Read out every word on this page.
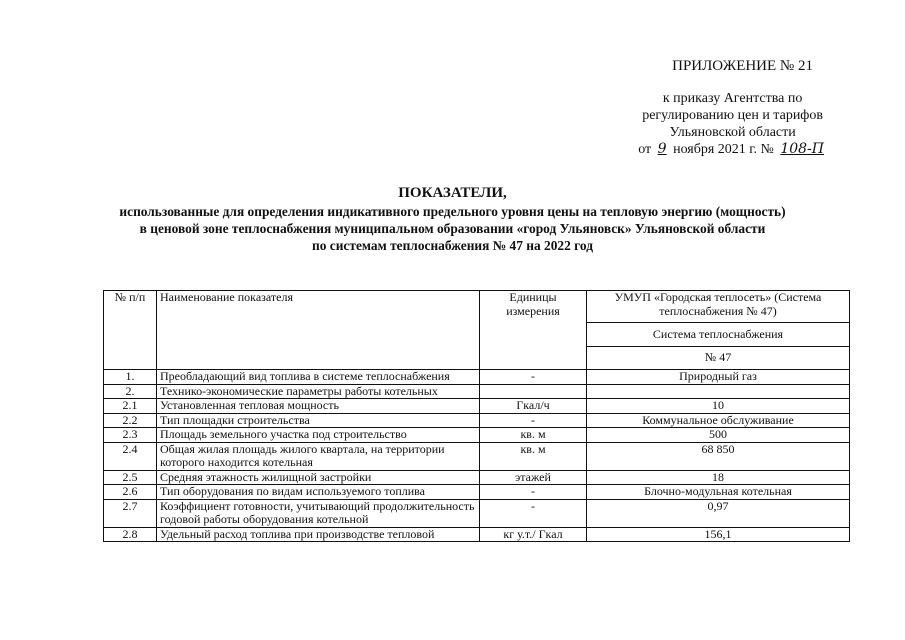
ПРИЛОЖЕНИЕ № 21
к приказу Агентства по
регулированию цен и тарифов
Ульяновской области
от 9 ноября 2021 г. № 108-П
ПОКАЗАТЕЛИ,
использованные для определения индикативного предельного уровня цены на тепловую энергию (мощность)
в ценовой зоне теплоснабжения муниципальном образовании «город Ульяновск» Ульяновской области
по системам теплоснабжения № 47 на 2022 год
№ п/п	Наименование показателя	Единицы измерения	УМУП «Городская теплосеть» (Система теплоснабжения № 47)
			Система теплоснабжения
			№ 47
1.	Преобладающий вид топлива в системе теплоснабжения	-	Природный газ
2.	Технико-экономические параметры работы котельных		
2.1	Установленная тепловая мощность	Гкал/ч	10
2.2	Тип площадки строительства	-	Коммунальное обслуживание
2.3	Площадь земельного участка под строительство	кв. м	500
2.4	Общая жилая площадь жилого квартала, на территории которого находится котельная	кв. м	68 850
2.5	Средняя этажность жилищной застройки	этажей	18
2.6	Тип оборудования по видам используемого топлива	-	Блочно-модульная котельная
2.7	Коэффициент готовности, учитывающий продолжительность годовой работы оборудования котельной	-	0,97
2.8	Удельный расход топлива при производстве тепловой	кг у.т./ Гкал	156,1
